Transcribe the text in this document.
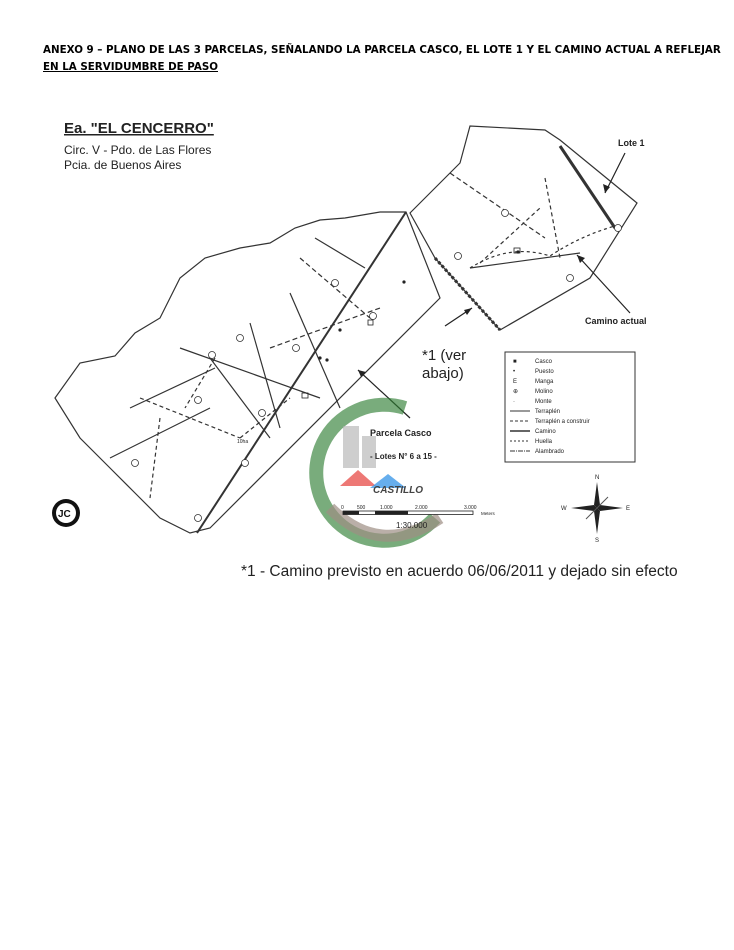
ANEXO 9 – PLANO DE LAS 3 PARCELAS, SEÑALANDO LA PARCELA CASCO, EL LOTE 1 Y EL CAMINO ACTUAL A REFLEJAR
EN LA SERVIDUMBRE DE PASO
Ea. "EL CENCERRO"
Circ. V - Pdo. de Las Flores
Pcia. de Buenos Aires
10ha
Lote 1
Camino actual
*1 (ver
abajo)
■	Casco
•	Puesto
E	Manga
⊕	Molino
·	Monte
Terraplén
Terraplén a construir
Camino
Huella
Alambrado
CASTILLO
Parcela Casco
- Lotes N° 6 a 15 -
0	500	1.000	2.000	3.000
Meters
1:30.000
N
S
E
W
JC
*1 - Camino previsto en acuerdo 06/06/2011 y dejado sin efecto
